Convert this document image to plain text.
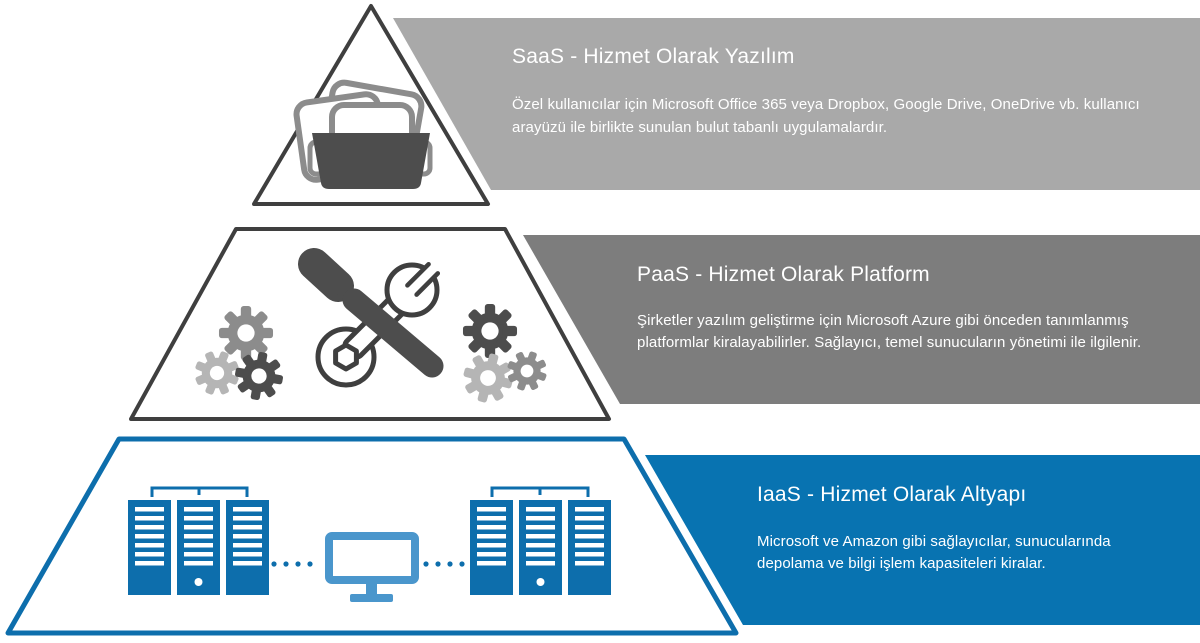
SaaS - Hizmet Olarak Yazılım

Özel kullanıcılar için Microsoft Office 365 veya Dropbox, Google Drive, OneDrive vb. kullanıcı arayüzü ile birlikte sunulan bulut tabanlı uygulamalardır.

PaaS - Hizmet Olarak Platform

Şirketler yazılım geliştirme için Microsoft Azure gibi önceden tanımlanmış platformlar kiralayabilirler. Sağlayıcı, temel sunucuların yönetimi ile ilgilenir.

IaaS - Hizmet Olarak Altyapı

Microsoft ve Amazon gibi sağlayıcılar, sunucularında depolama ve bilgi işlem kapasiteleri kiralar.
